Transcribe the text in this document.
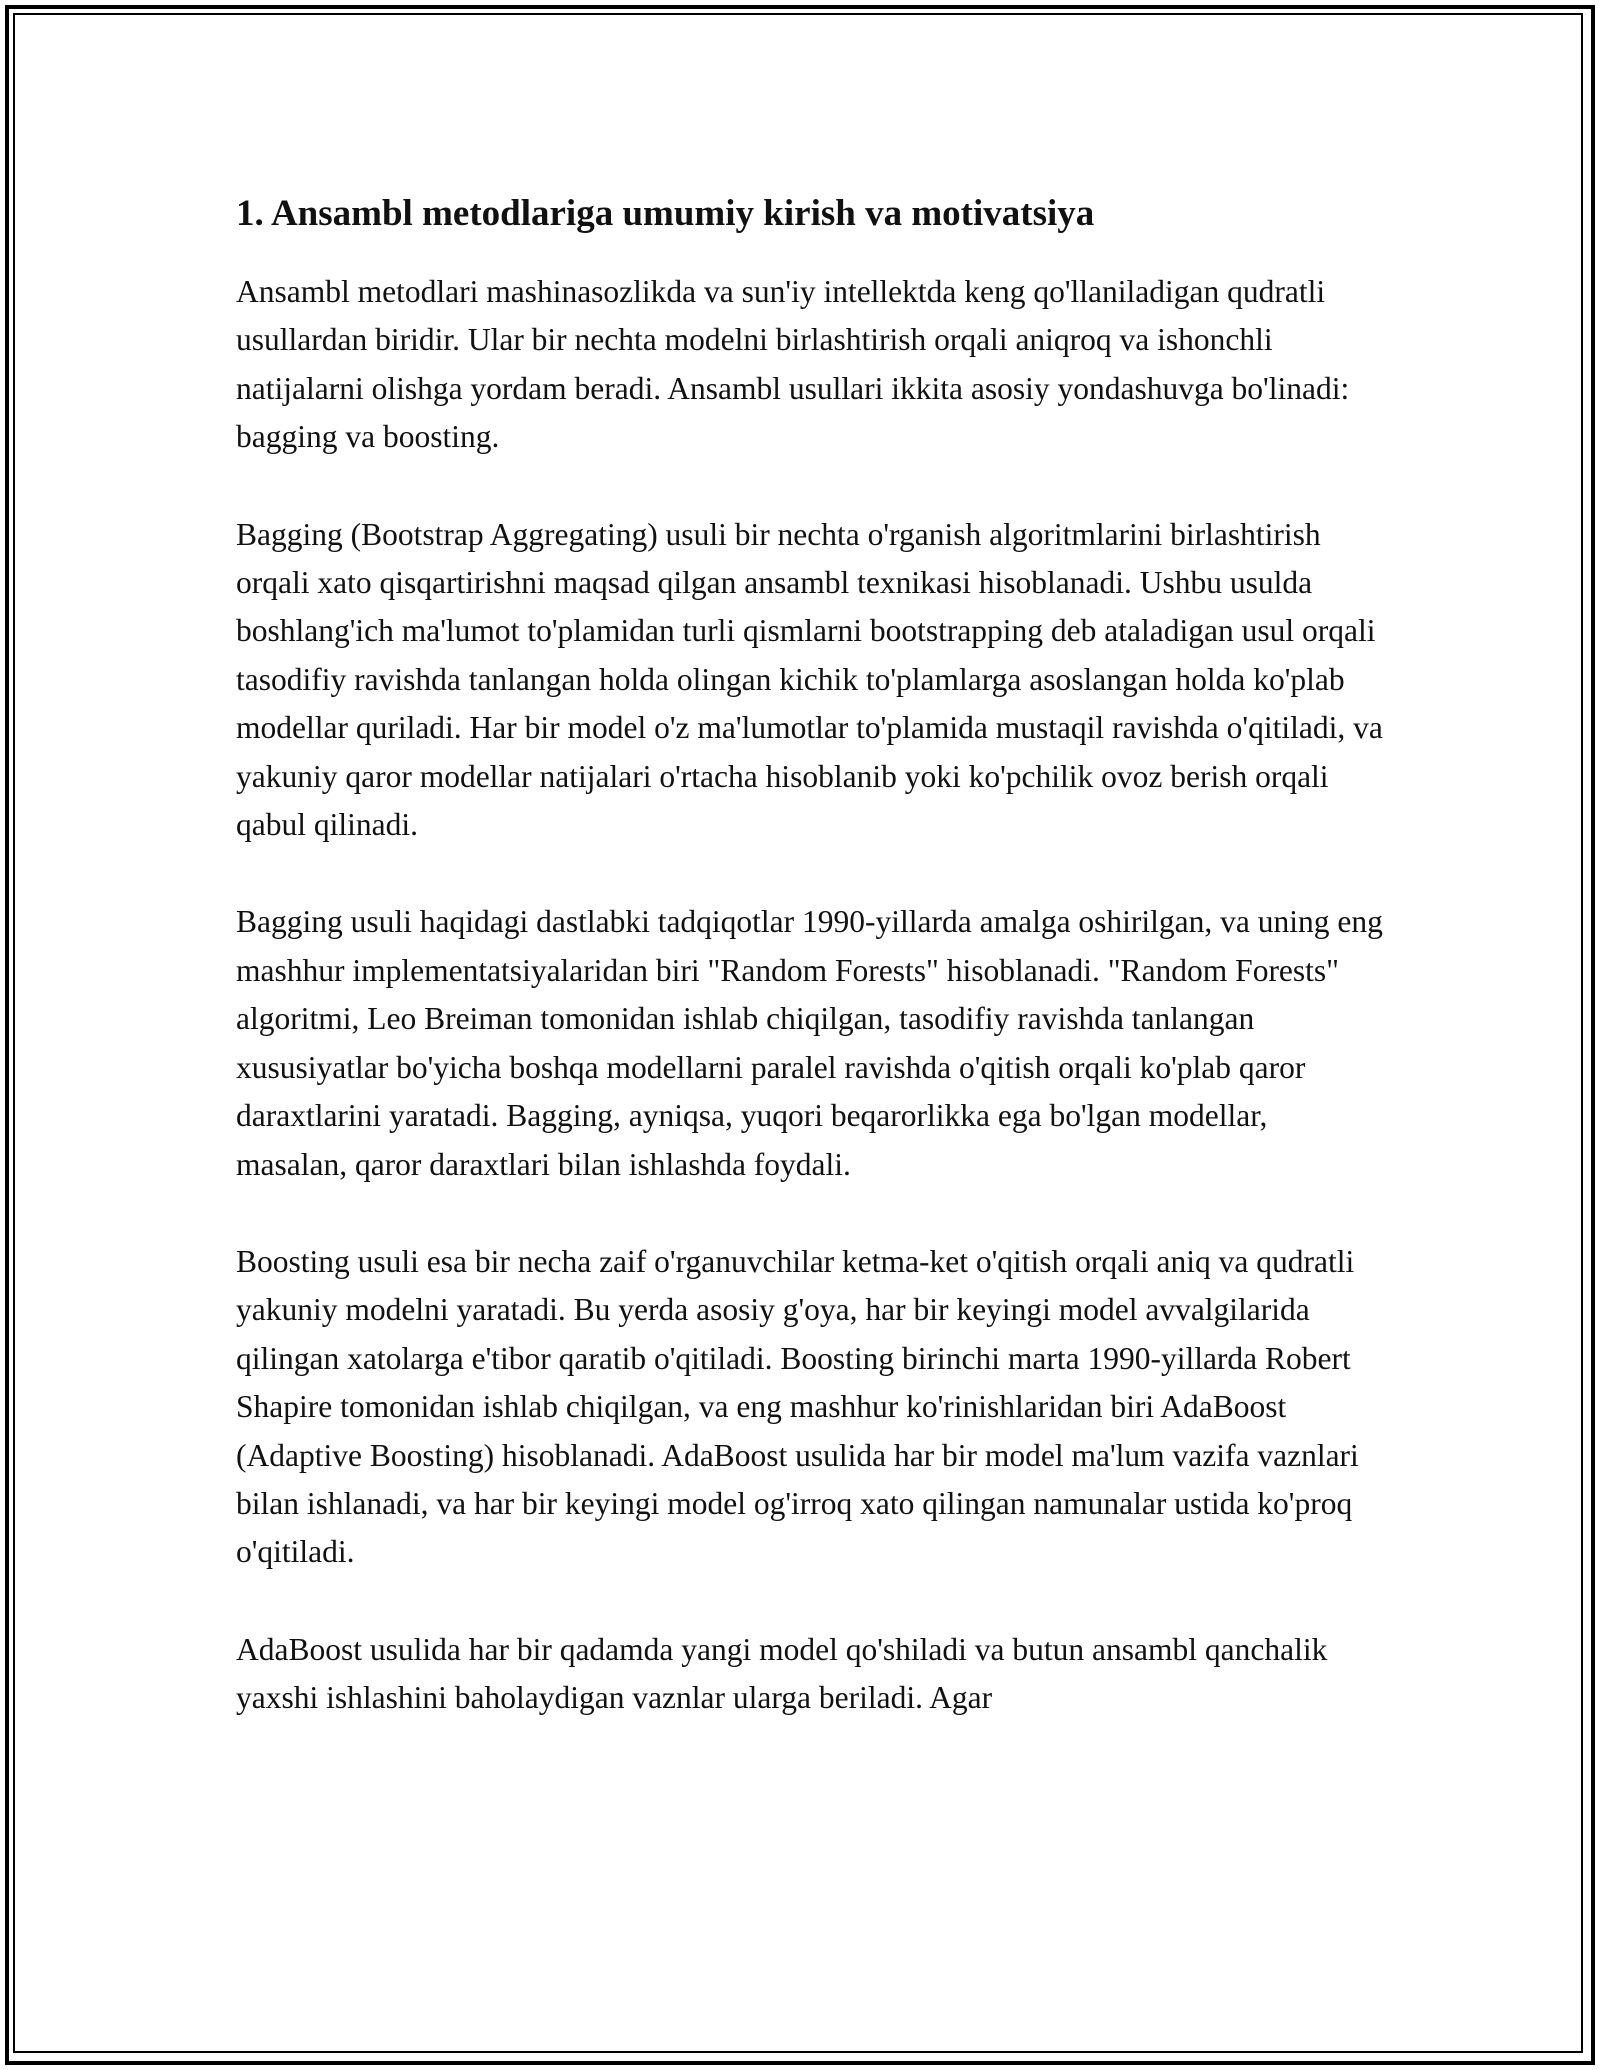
1. Ansambl metodlariga umumiy kirish va motivatsiya

Ansambl metodlari mashinasozlikda va sun'iy intellektda keng qo'llaniladigan qudratli usullardan biridir. Ular bir nechta modelni birlashtirish orqali aniqroq va ishonchli natijalarni olishga yordam beradi. Ansambl usullari ikkita asosiy yondashuvga bo'linadi: bagging va boosting.

Bagging (Bootstrap Aggregating) usuli bir nechta o'rganish algoritmlarini birlashtirish orqali xato qisqartirishni maqsad qilgan ansambl texnikasi hisoblanadi. Ushbu usulda boshlang'ich ma'lumot to'plamidan turli qismlarni bootstrapping deb ataladigan usul orqali tasodifiy ravishda tanlangan holda olingan kichik to'plamlarga asoslangan holda ko'plab modellar quriladi. Har bir model o'z ma'lumotlar to'plamida mustaqil ravishda o'qitiladi, va yakuniy qaror modellar natijalari o'rtacha hisoblanib yoki ko'pchilik ovoz berish orqali qabul qilinadi.

Bagging usuli haqidagi dastlabki tadqiqotlar 1990-yillarda amalga oshirilgan, va uning eng mashhur implementatsiyalaridan biri "Random Forests" hisoblanadi. "Random Forests" algoritmi, Leo Breiman tomonidan ishlab chiqilgan, tasodifiy ravishda tanlangan xususiyatlar bo'yicha boshqa modellarni paralel ravishda o'qitish orqali ko'plab qaror daraxtlarini yaratadi. Bagging, ayniqsa, yuqori beqarorlikka ega bo'lgan modellar, masalan, qaror daraxtlari bilan ishlashda foydali.

Boosting usuli esa bir necha zaif o'rganuvchilar ketma-ket o'qitish orqali aniq va qudratli yakuniy modelni yaratadi. Bu yerda asosiy g'oya, har bir keyingi model avvalgilarida qilingan xatolarga e'tibor qaratib o'qitiladi. Boosting birinchi marta 1990-yillarda Robert Shapire tomonidan ishlab chiqilgan, va eng mashhur ko'rinishlaridan biri AdaBoost (Adaptive Boosting) hisoblanadi. AdaBoost usulida har bir model ma'lum vazifa vaznlari bilan ishlanadi, va har bir keyingi model og'irroq xato qilingan namunalar ustida ko'proq o'qitiladi.

AdaBoost usulida har bir qadamda yangi model qo'shiladi va butun ansambl qanchalik yaxshi ishlashini baholaydigan vaznlar ularga beriladi. Agar
